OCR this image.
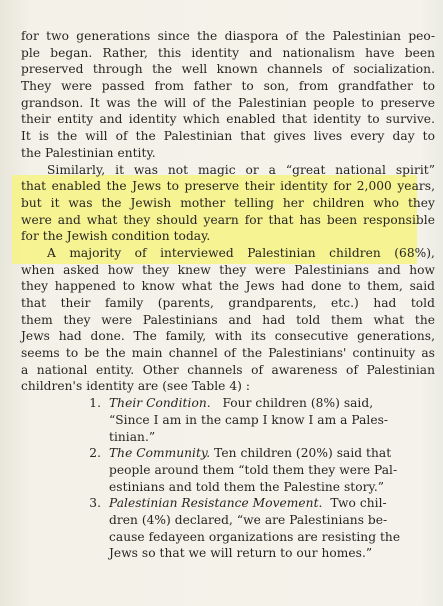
for two generations since the diaspora of the Palestinian peo-
ple began. Rather, this identity and nationalism have been
preserved through the well known channels of socialization.
They were passed from father to son, from grandfather to
grandson. It was the will of the Palestinian people to preserve
their entity and identity which enabled that identity to survive.
It is the will of the Palestinian that gives lives every day to
the Palestinian entity.
Similarly, it was not magic or a “great national spirit”
that enabled the Jews to preserve their identity for 2,000 years,
but it was the Jewish mother telling her children who they
were and what they should yearn for that has been responsible
for the Jewish condition today.
A majority of interviewed Palestinian children (68%),
when asked how they knew they were Palestinians and how
they happened to know what the Jews had done to them, said
that their family (parents, grandparents, etc.) had told
them they were Palestinians and had told them what the
Jews had done. The family, with its consecutive generations,
seems to be the main channel of the Palestinians' continuity as
a national entity. Other channels of awareness of Palestinian
children's identity are (see Table 4) :
1. Their Condition. Four children (8%) said,
“Since I am in the camp I know I am a Pales-
tinian.”
2. The Community. Ten children (20%) said that
people around them “told them they were Pal-
estinians and told them the Palestine story.”
3. Palestinian Resistance Movement. Two chil-
dren (4%) declared, “we are Palestinians be-
cause fedayeen organizations are resisting the
Jews so that we will return to our homes.”
